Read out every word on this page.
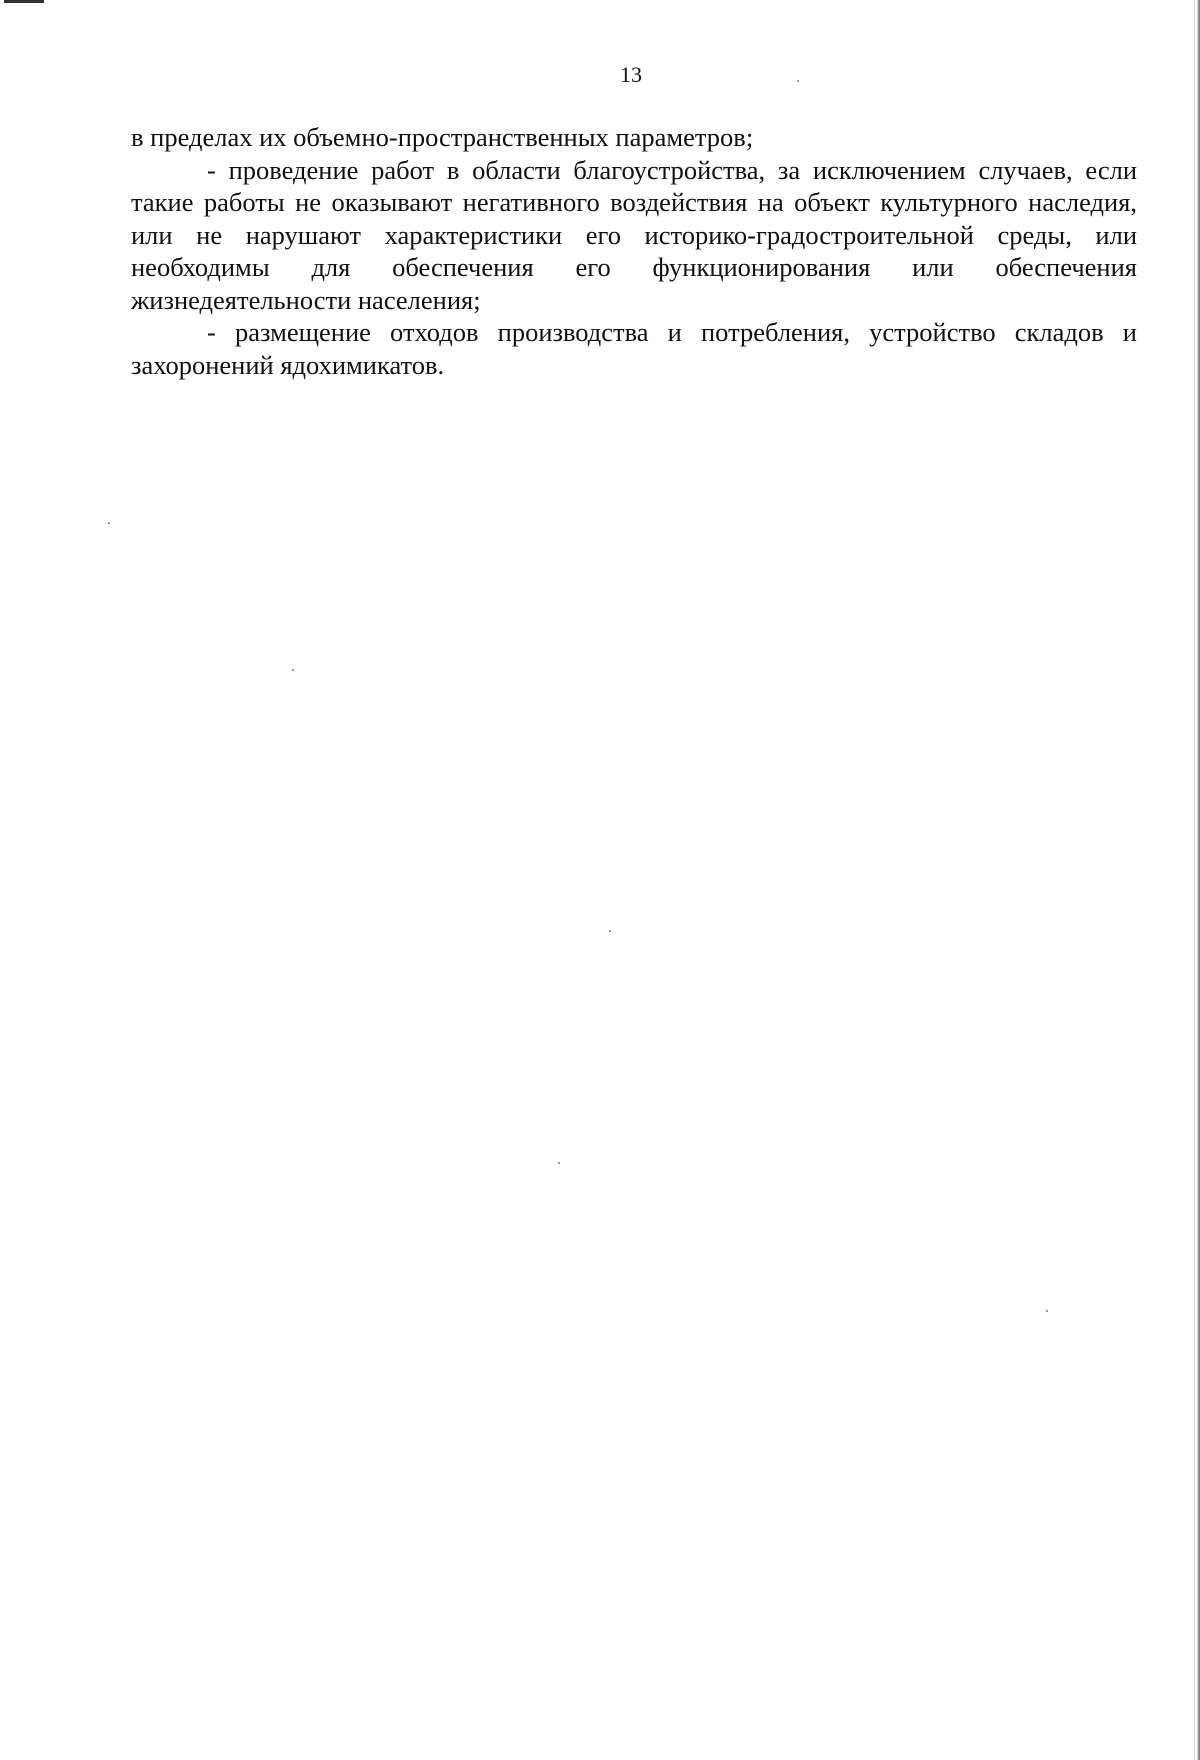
13

в пределах их объемно-пространственных параметров;

- проведение работ в области благоустройства, за исключением случаев, если такие работы не оказывают негативного воздействия на объект культурного наследия, или не нарушают характеристики его историко-градостроительной среды, или необходимы для обеспечения его функционирования или обеспечения жизнедеятельности населения;

- размещение отходов производства и потребления, устройство складов и захоронений ядохимикатов.
